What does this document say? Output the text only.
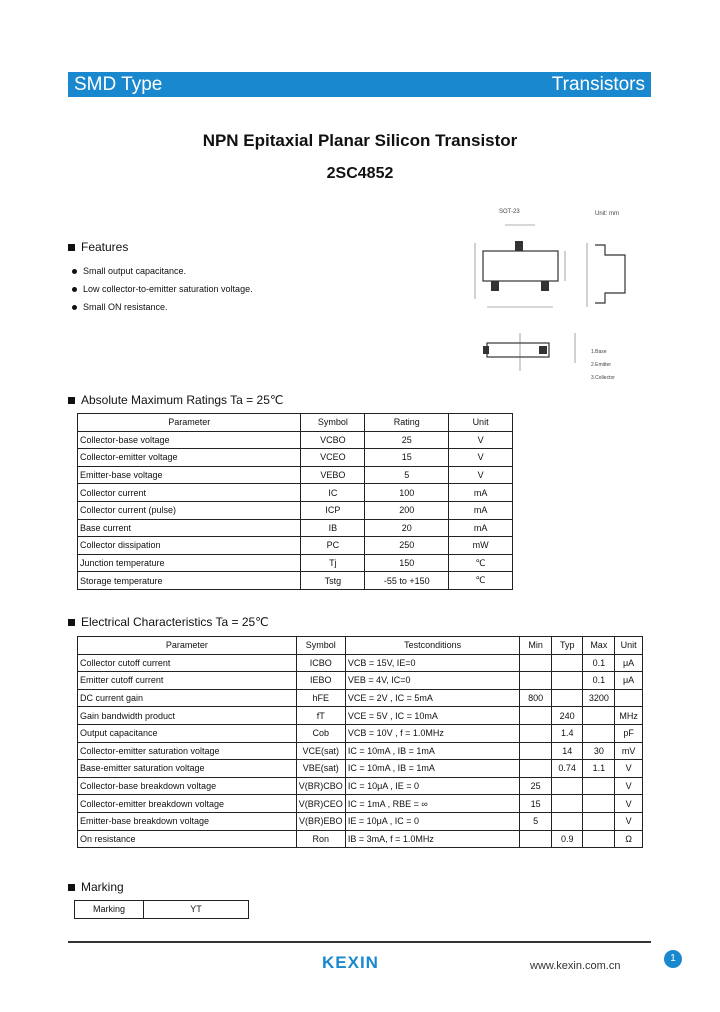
SMD Type	Transistors
NPN Epitaxial Planar Silicon Transistor
2SC4852
Features
Small output capacitance.
Low collector-to-emitter saturation voltage.
Small ON resistance.
SOT-23	Unit: mm
1.Base
2.Emitter
3.Collector
Absolute Maximum Ratings Ta = 25℃
Parameter	Symbol	Rating	Unit
Collector-base voltage	VCBO	25	V
Collector-emitter voltage	VCEO	15	V
Emitter-base voltage	VEBO	5	V
Collector current	IC	100	mA
Collector current (pulse)	ICP	200	mA
Base current	IB	20	mA
Collector dissipation	PC	250	mW
Junction temperature	Tj	150	℃
Storage temperature	Tstg	-55 to +150	℃
Electrical Characteristics Ta = 25℃
Parameter	Symbol	Testconditions	Min	Typ	Max	Unit
Collector cutoff current	ICBO	VCB = 15V, IE=0			0.1	μA
Emitter cutoff current	IEBO	VEB = 4V, IC=0			0.1	μA
DC current gain	hFE	VCE = 2V , IC = 5mA	800		3200	
Gain bandwidth product	fT	VCE = 5V , IC = 10mA		240		MHz
Output capacitance	Cob	VCB = 10V , f = 1.0MHz		1.4		pF
Collector-emitter saturation voltage	VCE(sat)	IC = 10mA , IB = 1mA		14	30	mV
Base-emitter saturation voltage	VBE(sat)	IC = 10mA , IB = 1mA		0.74	1.1	V
Collector-base breakdown voltage	V(BR)CBO	IC = 10μA , IE = 0	25			V
Collector-emitter breakdown voltage	V(BR)CEO	IC = 1mA , RBE = ∞	15			V
Emitter-base breakdown voltage	V(BR)EBO	IE = 10μA , IC = 0	5			V
On resistance	Ron	IB = 3mA, f = 1.0MHz		0.9		Ω
Marking
Marking	YT
KEXIN	www.kexin.com.cn
1
